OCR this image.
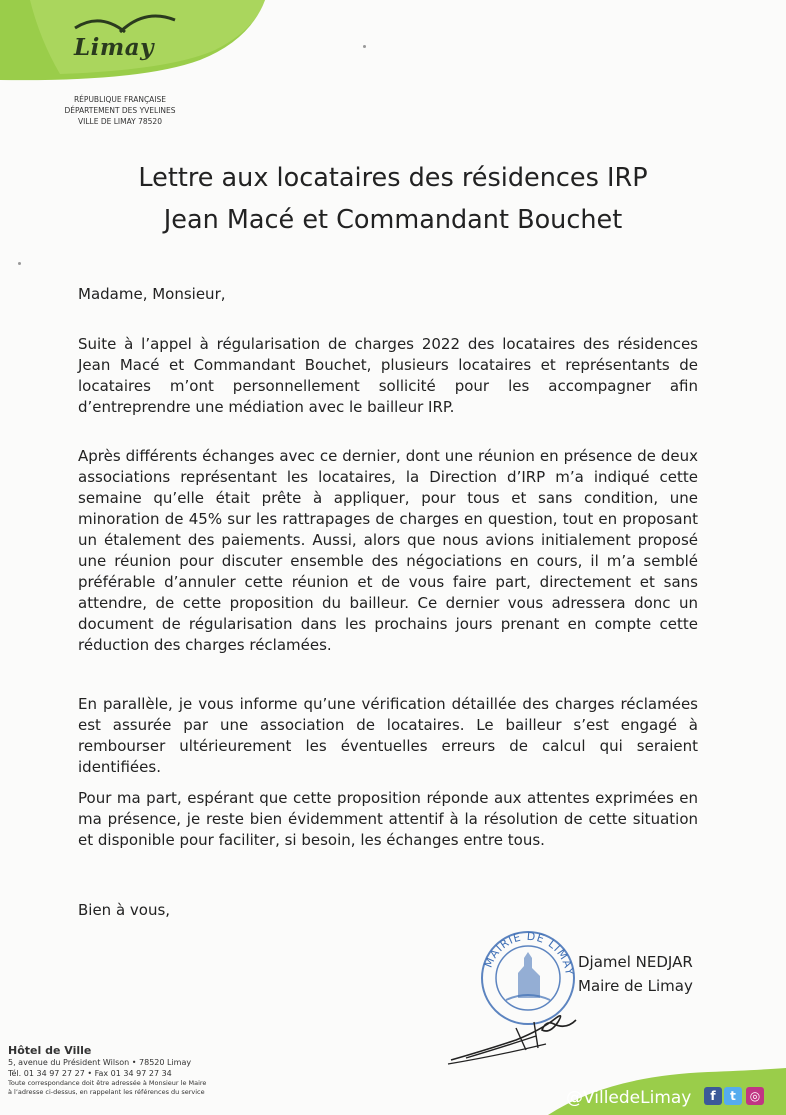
Limay
RÉPUBLIQUE FRANÇAISE
DÉPARTEMENT DES YVELINES
VILLE DE LIMAY 78520
Lettre aux locataires des résidences IRP
Jean Macé et Commandant Bouchet
Madame, Monsieur,

Suite à l’appel à régularisation de charges 2022 des locataires des résidences Jean Macé et Commandant Bouchet, plusieurs locataires et représentants de locataires m’ont personnellement sollicité pour les accompagner afin d’entreprendre une médiation avec le bailleur IRP.

Après différents échanges avec ce dernier, dont une réunion en présence de deux associations représentant les locataires, la Direction d’IRP m’a indiqué cette semaine qu’elle était prête à appliquer, pour tous et sans condition, une minoration de 45% sur les rattrapages de charges en question, tout en proposant un étalement des paiements. Aussi, alors que nous avions initialement proposé une réunion pour discuter ensemble des négociations en cours, il m’a semblé préférable d’annuler cette réunion et de vous faire part, directement et sans attendre, de cette proposition du bailleur. Ce dernier vous adressera donc un document de régularisation dans les prochains jours prenant en compte cette réduction des charges réclamées.

En parallèle, je vous informe qu’une vérification détaillée des charges réclamées est assurée par une association de locataires. Le bailleur s’est engagé à rembourser ultérieurement les éventuelles erreurs de calcul qui seraient identifiées.

Pour ma part, espérant que cette proposition réponde aux attentes exprimées en ma présence, je reste bien évidemment attentif à la résolution de cette situation et disponible pour faciliter, si besoin, les échanges entre tous.

Bien à vous,
MAIRIE DE LIMAY
Djamel NEDJAR
Maire de Limay
Hôtel de Ville
5, avenue du Président Wilson • 78520 Limay
Tél. 01 34 97 27 27 • Fax 01 34 97 27 34
Toute correspondance doit être adressée à Monsieur le Maire
à l’adresse ci-dessus, en rappelant les références du service	@VilledeLimay	f	t	◎
